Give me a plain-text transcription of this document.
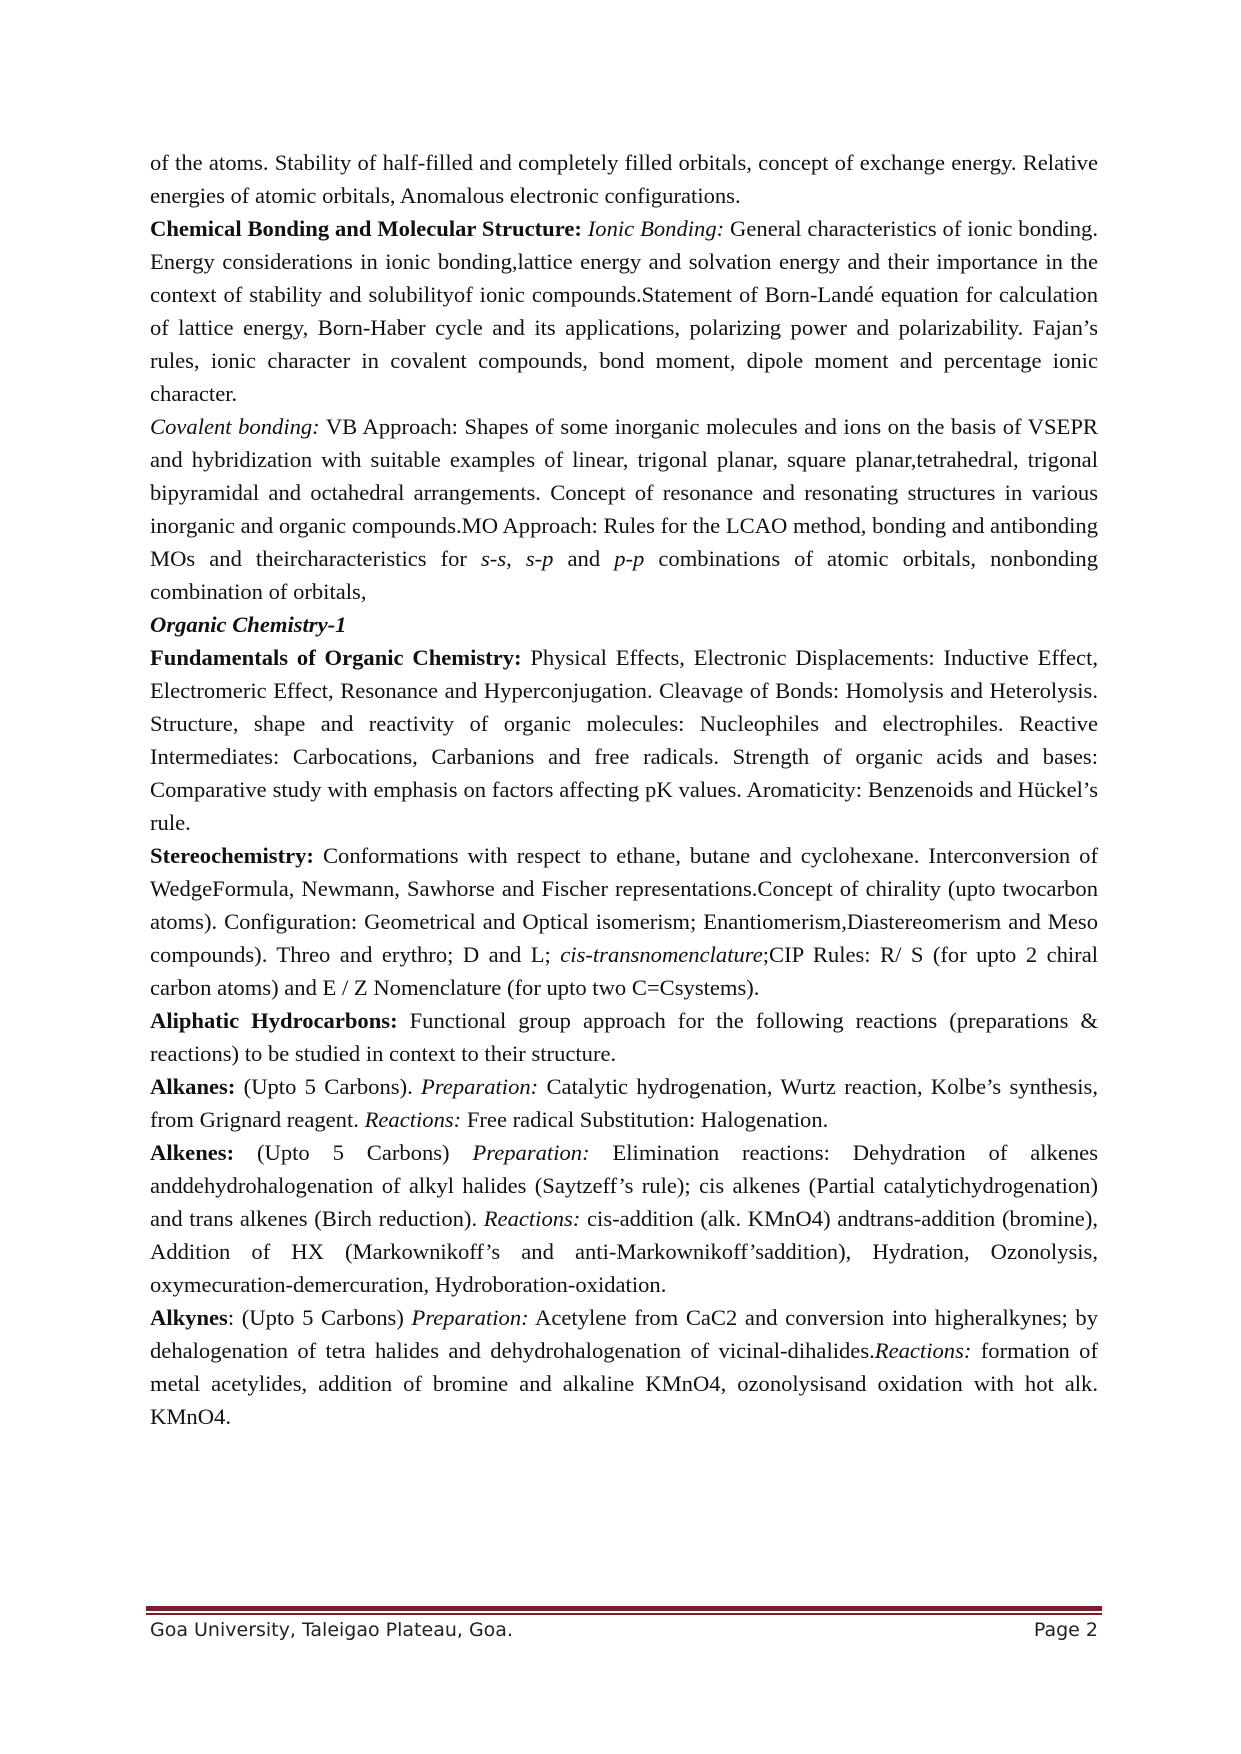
of the atoms. Stability of half-filled and completely filled orbitals, concept of exchange energy. Relative energies of atomic orbitals, Anomalous electronic configurations.

Chemical Bonding and Molecular Structure: Ionic Bonding: General characteristics of ionic bonding. Energy considerations in ionic bonding,lattice energy and solvation energy and their importance in the context of stability and solubilityof ionic compounds.Statement of Born-Landé equation for calculation of lattice energy, Born-Haber cycle and its applications, polarizing power and polarizability. Fajan’s rules, ionic character in covalent compounds, bond moment, dipole moment and percentage ionic character.

Covalent bonding: VB Approach: Shapes of some inorganic molecules and ions on the basis of VSEPR and hybridization with suitable examples of linear, trigonal planar, square planar,tetrahedral, trigonal bipyramidal and octahedral arrangements. Concept of resonance and resonating structures in various inorganic and organic compounds.MO Approach: Rules for the LCAO method, bonding and antibonding MOs and theircharacteristics for s-s, s-p and p-p combinations of atomic orbitals, nonbonding combination of orbitals,

Organic Chemistry-1

Fundamentals of Organic Chemistry: Physical Effects, Electronic Displacements: Inductive Effect, Electromeric Effect, Resonance and Hyperconjugation. Cleavage of Bonds: Homolysis and Heterolysis. Structure, shape and reactivity of organic molecules: Nucleophiles and electrophiles. Reactive Intermediates: Carbocations, Carbanions and free radicals. Strength of organic acids and bases: Comparative study with emphasis on factors affecting pK values. Aromaticity: Benzenoids and Hückel’s rule.

Stereochemistry: Conformations with respect to ethane, butane and cyclohexane. Interconversion of WedgeFormula, Newmann, Sawhorse and Fischer representations.Concept of chirality (upto twocarbon atoms). Configuration: Geometrical and Optical isomerism; Enantiomerism,Diastereomerism and Meso compounds). Threo and erythro; D and L; cis-transnomenclature;CIP Rules: R/ S (for upto 2 chiral carbon atoms) and E / Z Nomenclature (for upto two C=Csystems).

Aliphatic Hydrocarbons: Functional group approach for the following reactions (preparations & reactions) to be studied in context to their structure.

Alkanes: (Upto 5 Carbons). Preparation: Catalytic hydrogenation, Wurtz reaction, Kolbe’s synthesis, from Grignard reagent. Reactions: Free radical Substitution: Halogenation.

Alkenes: (Upto 5 Carbons) Preparation: Elimination reactions: Dehydration of alkenes anddehydrohalogenation of alkyl halides (Saytzeff’s rule); cis alkenes (Partial catalytichydrogenation) and trans alkenes (Birch reduction). Reactions: cis-addition (alk. KMnO4) andtrans-addition (bromine), Addition of HX (Markownikoff’s and anti-Markownikoff’saddition), Hydration, Ozonolysis, oxymecuration-demercuration, Hydroboration-oxidation.

Alkynes: (Upto 5 Carbons) Preparation: Acetylene from CaC2 and conversion into higheralkynes; by dehalogenation of tetra halides and dehydrohalogenation of vicinal-dihalides.Reactions: formation of metal acetylides, addition of bromine and alkaline KMnO4, ozonolysisand oxidation with hot alk. KMnO4.

Goa University, Taleigao Plateau, Goa.	Page 2
